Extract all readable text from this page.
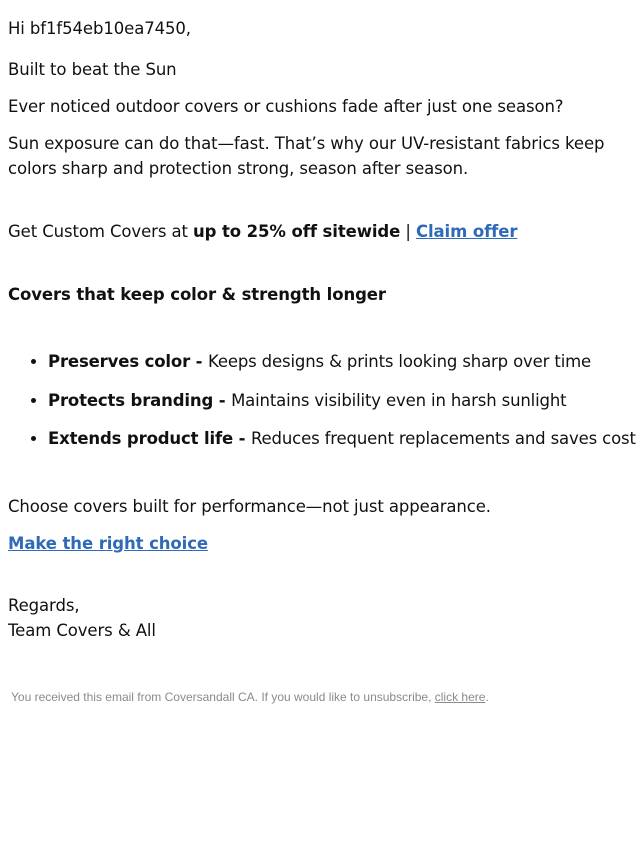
Hi bf1f54eb10ea7450,

Built to beat the Sun

Ever noticed outdoor covers or cushions fade after just one season?

Sun exposure can do that—fast. That’s why our UV-resistant fabrics keep colors sharp and protection strong, season after season.

Get Custom Covers at up to 25% off sitewide | Claim offer

Covers that keep color & strength longer

• Preserves color - Keeps designs & prints looking sharp over time
• Protects branding - Maintains visibility even in harsh sunlight
• Extends product life - Reduces frequent replacements and saves cost

Choose covers built for performance—not just appearance.

Make the right choice

Regards,

Team Covers & All

You received this email from Coversandall CA. If you would like to unsubscribe, click here.
